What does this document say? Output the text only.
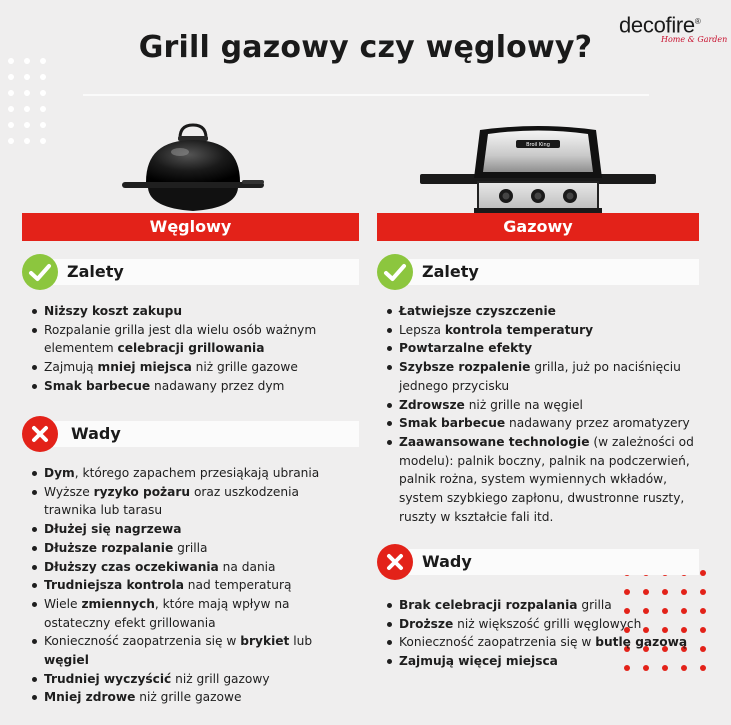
decofire®
Home & Garden
Grill gazowy czy węglowy?
Broil King
Węglowy
Zalety
Niższy koszt zakupu
Rozpalanie grilla jest dla wielu osób ważnym elementem celebracji grillowania
Zajmują mniej miejsca niż grille gazowe
Smak barbecue nadawany przez dym
Wady
Dym, którego zapachem przesiąkają ubrania
Wyższe ryzyko pożaru oraz uszkodzenia trawnika lub tarasu
Dłużej się nagrzewa
Dłuższe rozpalanie grilla
Dłuższy czas oczekiwania na dania
Trudniejsza kontrola nad temperaturą
Wiele zmiennych, które mają wpływ na ostateczny efekt grillowania
Konieczność zaopatrzenia się w brykiet lub węgiel
Trudniej wyczyścić niż grill gazowy
Mniej zdrowe niż grille gazowe
Gazowy
Zalety
Łatwiejsze czyszczenie
Lepsza kontrola temperatury
Powtarzalne efekty
Szybsze rozpalenie grilla, już po naciśnięciu jednego przycisku
Zdrowsze niż grille na węgiel
Smak barbecue nadawany przez aromatyzery
Zaawansowane technologie (w zależności od modelu): palnik boczny, palnik na podczerwień, palnik rożna, system wymiennych wkładów, system szybkiego zapłonu, dwustronne ruszty, ruszty w kształcie fali itd.
Wady
Brak celebracji rozpalania grilla
Droższe niż większość grilli węglowych
Konieczność zaopatrzenia się w butlę gazową
Zajmują więcej miejsca
